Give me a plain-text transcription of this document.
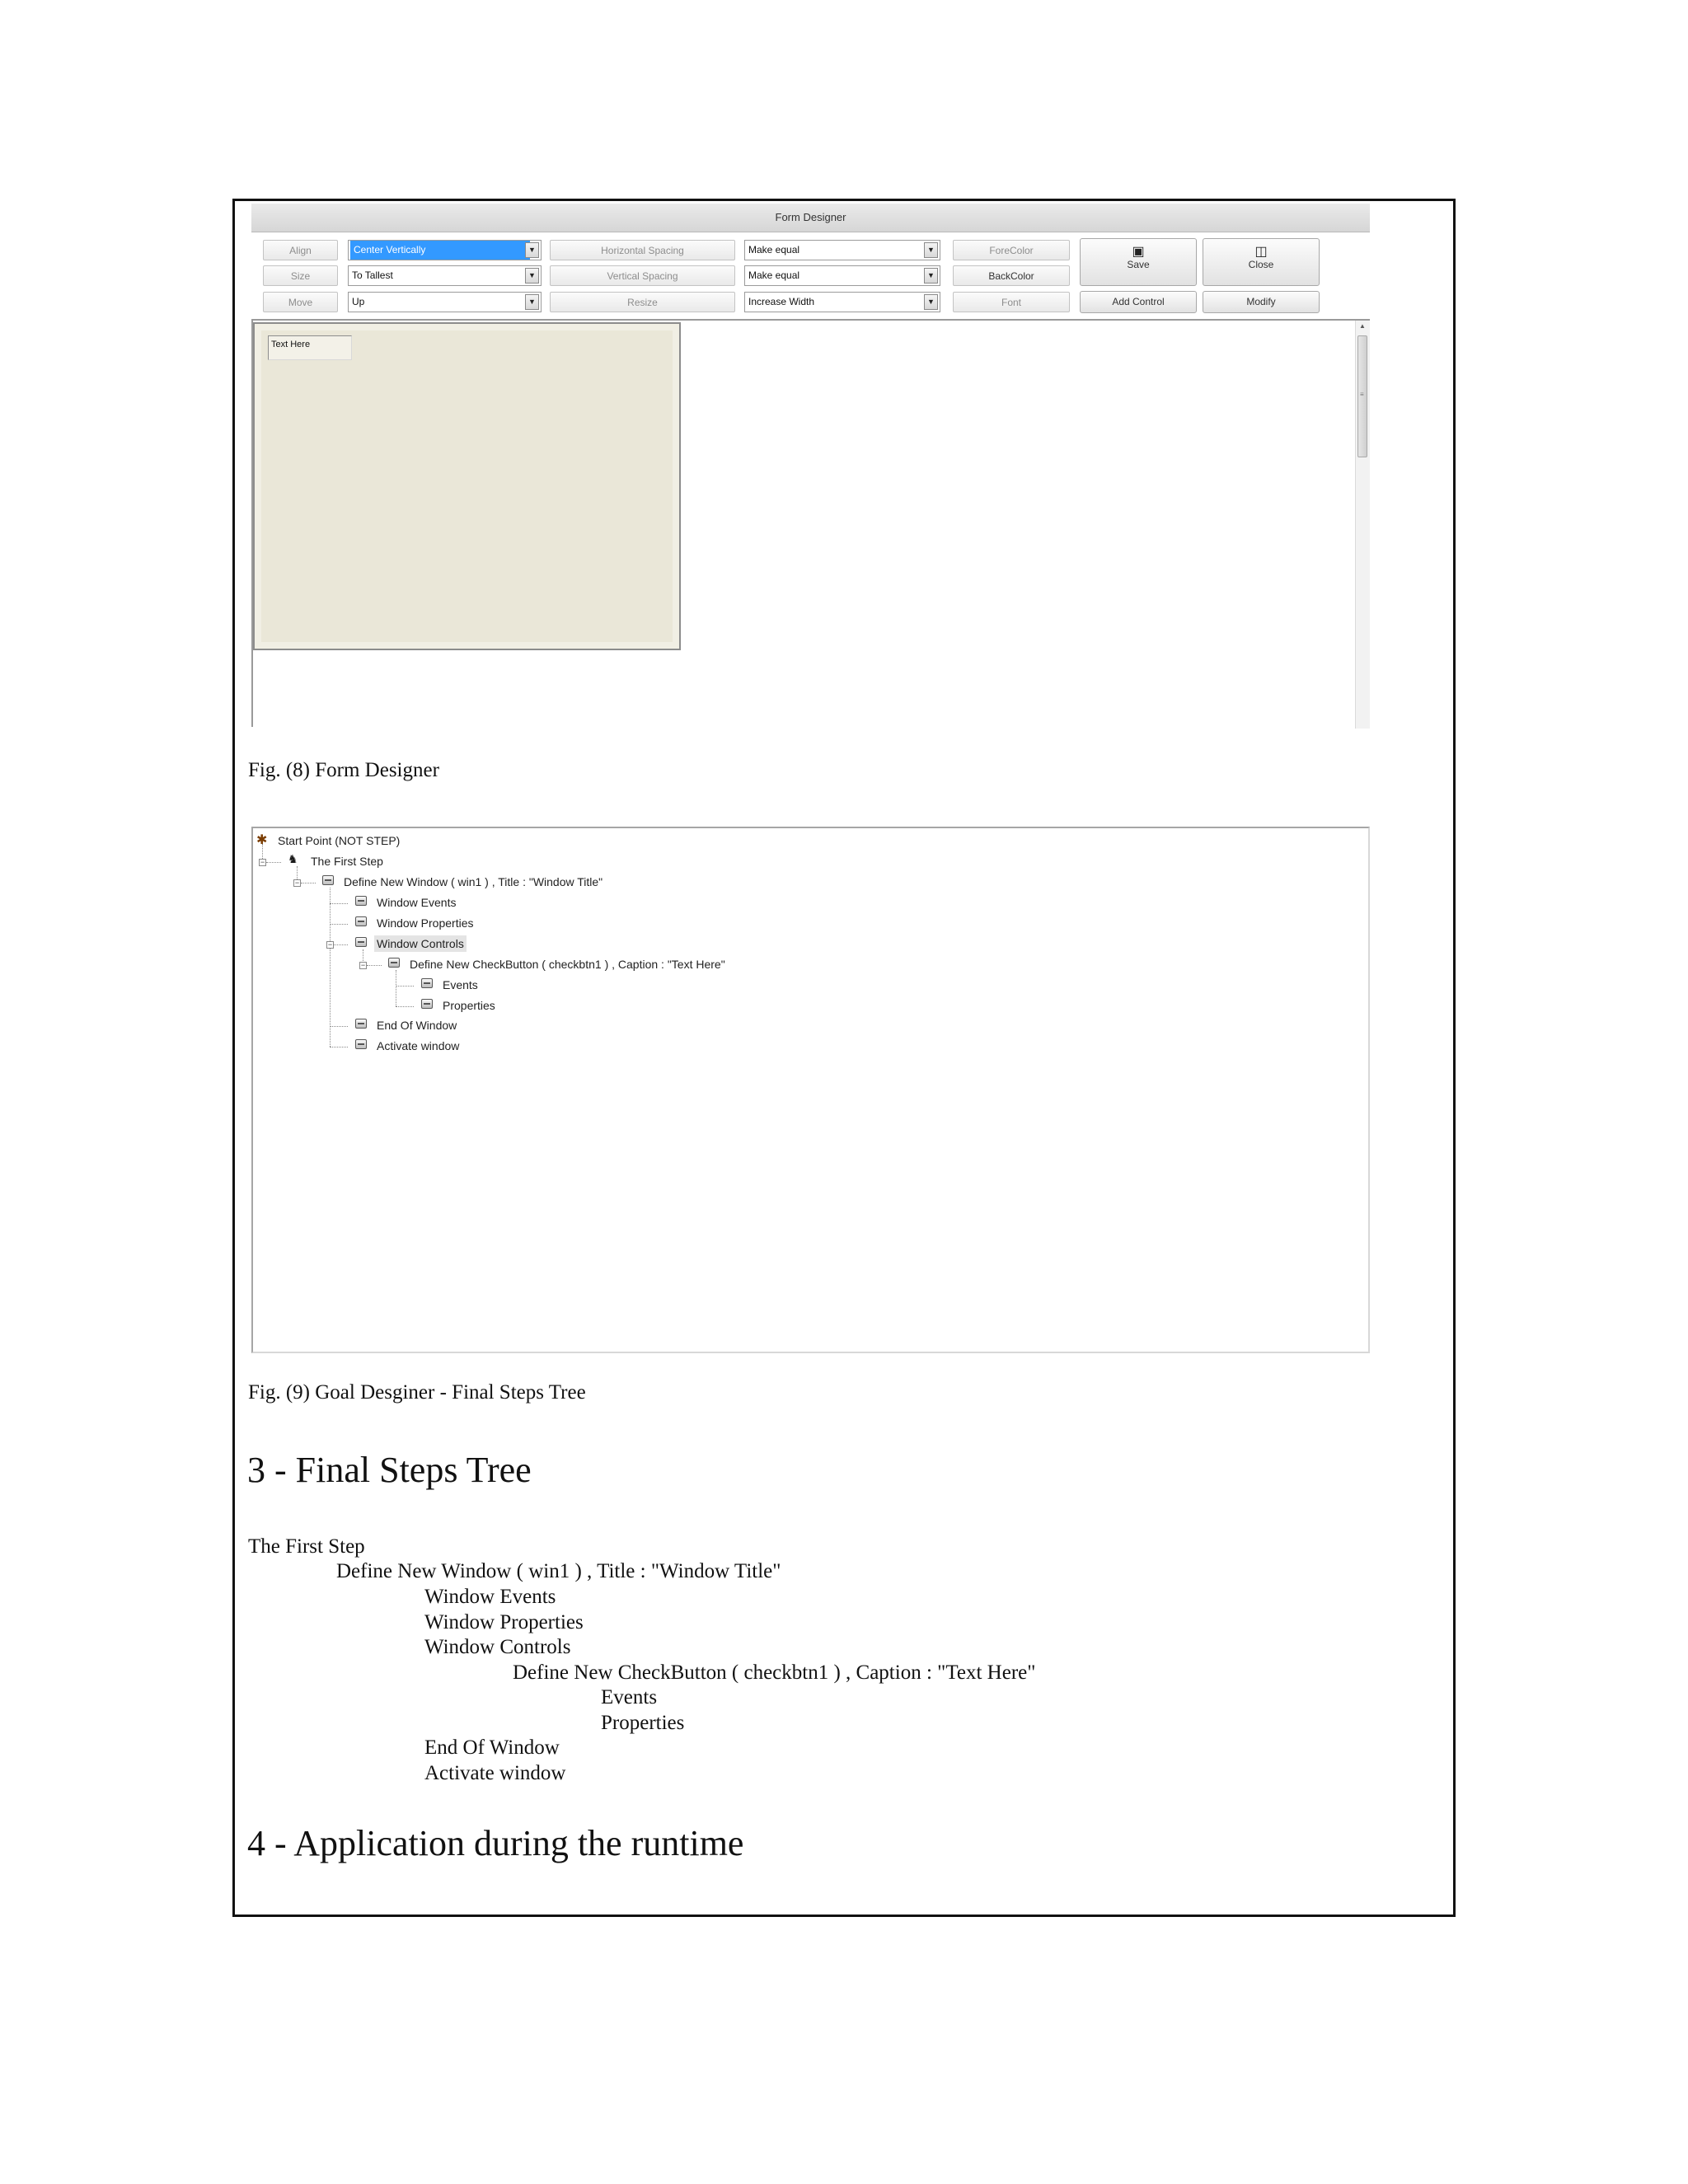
Form Designer
Align	Center Vertically	▼	Horizontal Spacing	Make equal	▼	ForeColor
Size	To Tallest	▼	Vertical Spacing	Make equal	▼	BackColor
Move	Up	▼	Resize	Increase Width	▼	Font
▣
Save
◫
Close
Add Control	Modify
Text Here
▲
≡
Fig. (8) Form Designer
−
−
−
−
✱ Start Point (NOT STEP)
♞ The First Step
Define New Window ( win1 ) , Title : "Window Title"
Window Events
Window Properties
Window Controls
Define New CheckButton ( checkbtn1 ) , Caption : "Text Here"
Events
Properties
End Of Window
Activate window
Fig. (9) Goal Desginer - Final Steps Tree
3 - Final Steps Tree
The First Step
Define New Window ( win1 ) , Title : "Window Title"
Window Events
Window Properties
Window Controls
Define New CheckButton ( checkbtn1 ) , Caption : "Text Here"
Events
Properties
End Of Window
Activate window
4 - Application during the runtime
